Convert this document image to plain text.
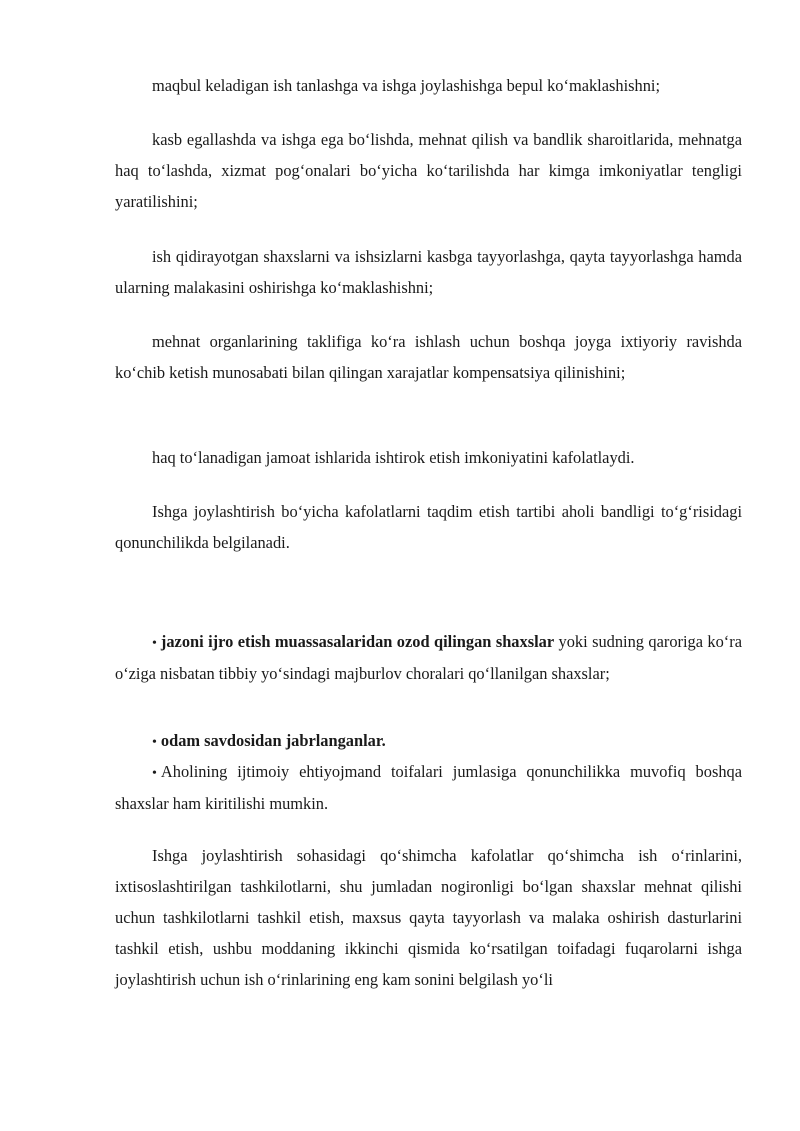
maqbul keladigan ish tanlashga va ishga joylashishga bepul ko‘maklashishni;

kasb egallashda va ishga ega bo‘lishda, mehnat qilish va bandlik sharoitlarida, mehnatga haq to‘lashda, xizmat pog‘onalari bo‘yicha ko‘tarilishda har kimga imkoniyatlar tengligi yaratilishini;

ish qidirayotgan shaxslarni va ishsizlarni kasbga tayyorlashga, qayta tayyorlashga hamda ularning malakasini oshirishga ko‘maklashishni;

mehnat organlarining taklifiga ko‘ra ishlash uchun boshqa joyga ixtiyoriy ravishda ko‘chib ketish munosabati bilan qilingan xarajatlar kompensatsiya qilinishini;

haq to‘lanadigan jamoat ishlarida ishtirok etish imkoniyatini kafolatlaydi.

Ishga joylashtirish bo‘yicha kafolatlarni taqdim etish tartibi aholi bandligi to‘g‘risidagi qonunchilikda belgilanadi.

• jazoni ijro etish muassasalaridan ozod qilingan shaxslar yoki sudning qaroriga ko‘ra o‘ziga nisbatan tibbiy yo‘sindagi majburlov choralari qo‘llanilgan shaxslar;

• odam savdosidan jabrlanganlar.

• Aholining ijtimoiy ehtiyojmand toifalari jumlasiga qonunchilikka muvofiq boshqa shaxslar ham kiritilishi mumkin.

Ishga joylashtirish sohasidagi qo‘shimcha kafolatlar qo‘shimcha ish o‘rinlarini, ixtisoslashtirilgan tashkilotlarni, shu jumladan nogironligi bo‘lgan shaxslar mehnat qilishi uchun tashkilotlarni tashkil etish, maxsus qayta tayyorlash va malaka oshirish dasturlarini tashkil etish, ushbu moddaning ikkinchi qismida ko‘rsatilgan toifadagi fuqarolarni ishga joylashtirish uchun ish o‘rinlarining eng kam sonini belgilash yo‘li
